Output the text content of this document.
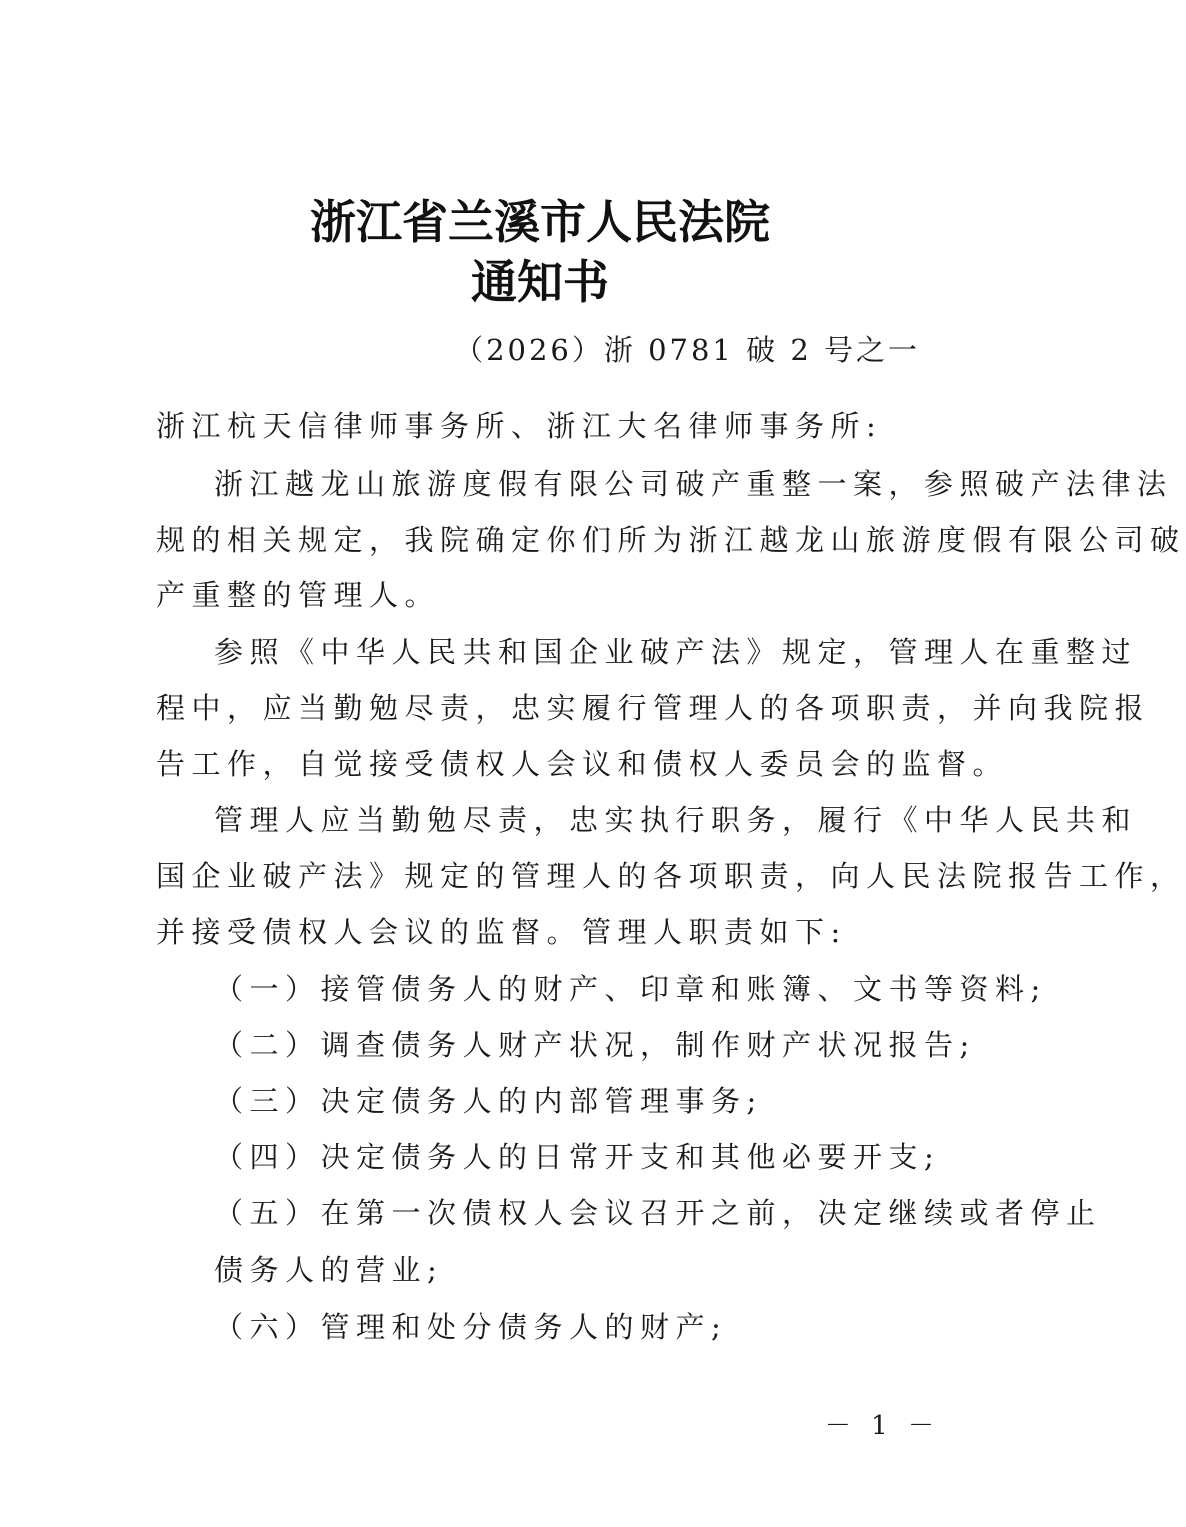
浙江省兰溪市人民法院
通知书
（2026）浙 0781 破 2 号之一
浙江杭天信律师事务所、浙江大名律师事务所:
浙江越龙山旅游度假有限公司破产重整一案，参照破产法律法
规的相关规定，我院确定你们所为浙江越龙山旅游度假有限公司破
产重整的管理人。
参照《中华人民共和国企业破产法》规定，管理人在重整过
程中，应当勤勉尽责，忠实履行管理人的各项职责，并向我院报
告工作，自觉接受债权人会议和债权人委员会的监督。
管理人应当勤勉尽责，忠实执行职务，履行《中华人民共和
国企业破产法》规定的管理人的各项职责，向人民法院报告工作，
并接受债权人会议的监督。管理人职责如下:
（一）接管债务人的财产、印章和账簿、文书等资料;
（二）调查债务人财产状况，制作财产状况报告;
（三）决定债务人的内部管理事务;
（四）决定债务人的日常开支和其他必要开支;
（五）在第一次债权人会议召开之前，决定继续或者停止
债务人的营业;
（六）管理和处分债务人的财产;
－ 1 －
